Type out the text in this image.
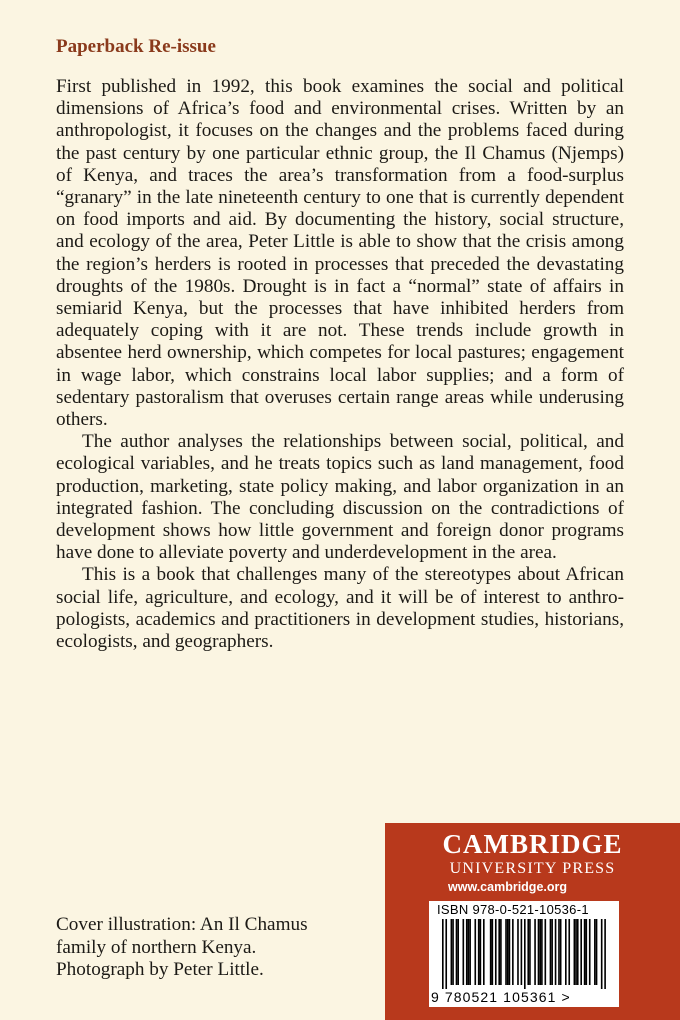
Paperback Re-issue

First published in 1992, this book examines the social and political dimensions of Africa’s food and environmental crises. Written by an anthropologist, it focuses on the changes and the problems faced during the past century by one particular ethnic group, the Il Chamus (Njemps) of Kenya, and traces the area’s transformation from a food-surplus “granary” in the late nineteenth century to one that is currently dependent on food imports and aid. By documenting the history, social structure, and ecology of the area, Peter Little is able to show that the crisis among the region’s herders is rooted in processes that preceded the devastating droughts of the 1980s. Drought is in fact a “normal” state of affairs in semiarid Kenya, but the processes that have inhibited herders from adequately coping with it are not. These trends include growth in absentee herd ownership, which competes for local pastures; engagement in wage labor, which constrains local labor supplies; and a form of sedentary pastoralism that overuses certain range areas while underusing others.

The author analyses the relationships between social, political, and ecological variables, and he treats topics such as land management, food production, marketing, state policy making, and labor organization in an integrated fashion. The concluding discussion on the contradictions of development shows how little government and foreign donor programs have done to alleviate poverty and underdevelopment in the area.

This is a book that challenges many of the stereotypes about African social life, agriculture, and ecology, and it will be of interest to anthropologists, academics and practitioners in development studies, historians, ecologists, and geographers.

Cover illustration: An Il Chamus
family of northern Kenya.
Photograph by Peter Little.
CAMBRIDGE
UNIVERSITY PRESS
www.cambridge.org
ISBN 978-0-521-10536-1
9 780521 105361 >
